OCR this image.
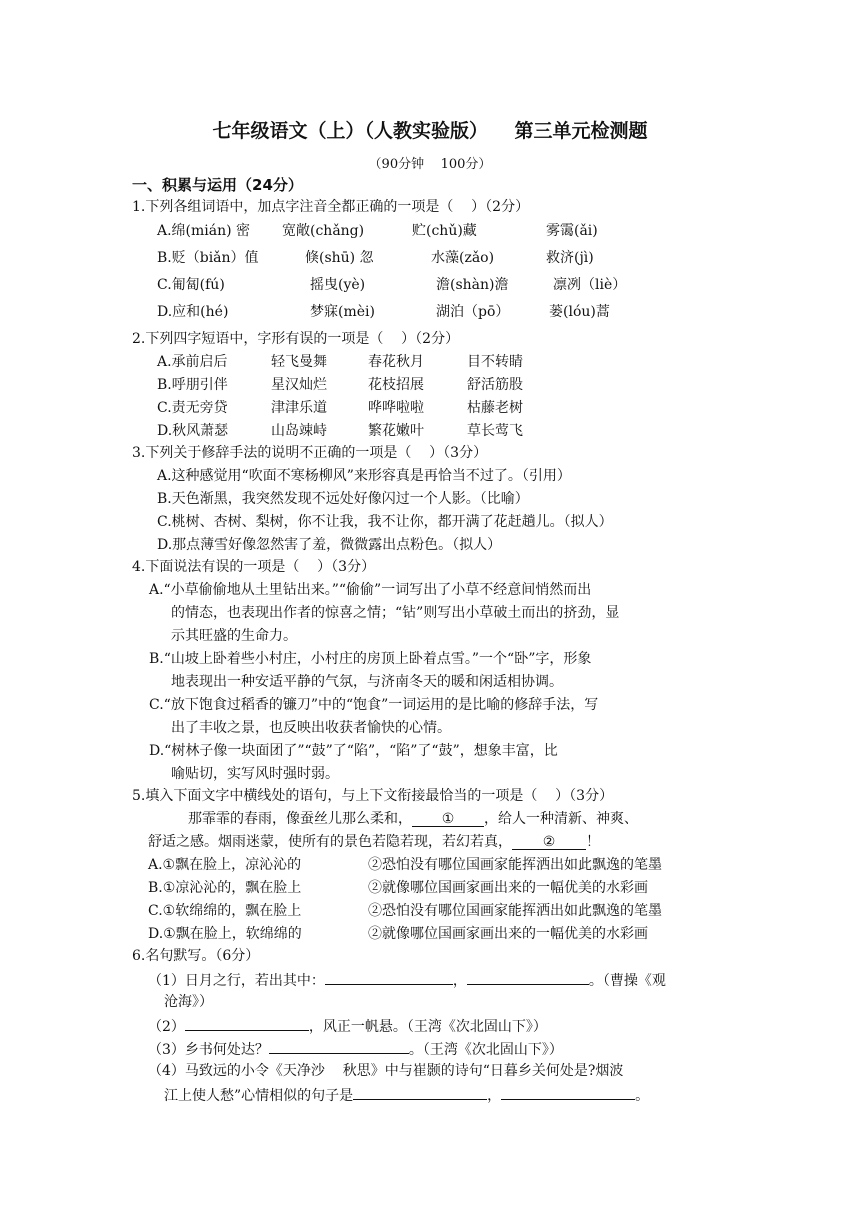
七年级语文（上）（人教实验版）    第三单元检测题
（90分钟    100分）
一、积累与运用（24分）
1.下列各组词语中，加点字注音全都正确的一项是（    ）（2分）
A.绵(mián) 密 宽敞(chǎng)	贮(chǔ)藏	雾霭(ǎi)
B.贬（biǎn）值	倏(shū) 忽	水藻(zǎo)	救济(jì)
C.匍匐(fú)	摇曳(yè)	澹(shàn)澹	凛冽（liè）
D.应和(hé)	梦寐(mèi)	湖泊（pō）	蒌(lóu)蒿
2.下列四字短语中，字形有误的一项是（    ）（2分）
A.承前启后	轻飞曼舞	春花秋月	目不转睛
B.呼朋引伴	星汉灿烂	花枝招展	舒活筋股
C.责无旁贷	津津乐道	哗哗啦啦	枯藤老树
D.秋风萧瑟	山岛竦峙	繁花嫩叶	草长莺飞
3.下列关于修辞手法的说明不正确的一项是（    ）（3分）
A.这种感觉用“吹面不寒杨柳风”来形容真是再恰当不过了。（引用）
B.天色渐黑，我突然发现不远处好像闪过一个人影。（比喻）
C.桃树、杏树、梨树，你不让我，我不让你，都开满了花赶趟儿。（拟人）
D.那点薄雪好像忽然害了羞，微微露出点粉色。（拟人）
4.下面说法有误的一项是（    ）（3分）
A.“小草偷偷地从土里钻出来。”“偷偷”一词写出了小草不经意间悄然而出
的情态，也表现出作者的惊喜之情；“钻”则写出小草破土而出的挤劲，显
示其旺盛的生命力。
B.“山坡上卧着些小村庄，小村庄的房顶上卧着点雪。”一个“卧”字，形象
地表现出一种安适平静的气氛，与济南冬天的暖和闲适相协调。
C.“放下饱食过稻香的镰刀”中的“饱食”一词运用的是比喻的修辞手法，写
出了丰收之景，也反映出收获者愉快的心情。
D.“树林子像一块面团了”“鼓”了“陷”，“陷”了“鼓”，想象丰富，比
喻贴切，实写风时强时弱。
5.填入下面文字中横线处的语句，与上下文衔接最恰当的一项是（    ）（3分）
那霏霏的春雨，像蚕丝儿那么柔和， ① ，给人一种清新、神爽、
舒适之感。烟雨迷蒙，使所有的景色若隐若现，若幻若真， ② ！
A.①飘在脸上，凉沁沁的	②恐怕没有哪位国画家能挥洒出如此飘逸的笔墨
B.①凉沁沁的，飘在脸上	②就像哪位国画家画出来的一幅优美的水彩画
C.①软绵绵的，飘在脸上	②恐怕没有哪位国画家能挥洒出如此飘逸的笔墨
D.①飘在脸上，软绵绵的	②就像哪位国画家画出来的一幅优美的水彩画
6.名句默写。（6分）
（1）日月之行，若出其中：	，	。（曹操《观
沧海》）
（2）	，风正一帆悬。（王湾《次北固山下》）
（3）乡书何处达？	。（王湾《次北固山下》）
（4）马致远的小令《天净沙    秋思》中与崔颢的诗句“日暮乡关何处是?烟波
江上使人愁”心情相似的句子是	，	。
